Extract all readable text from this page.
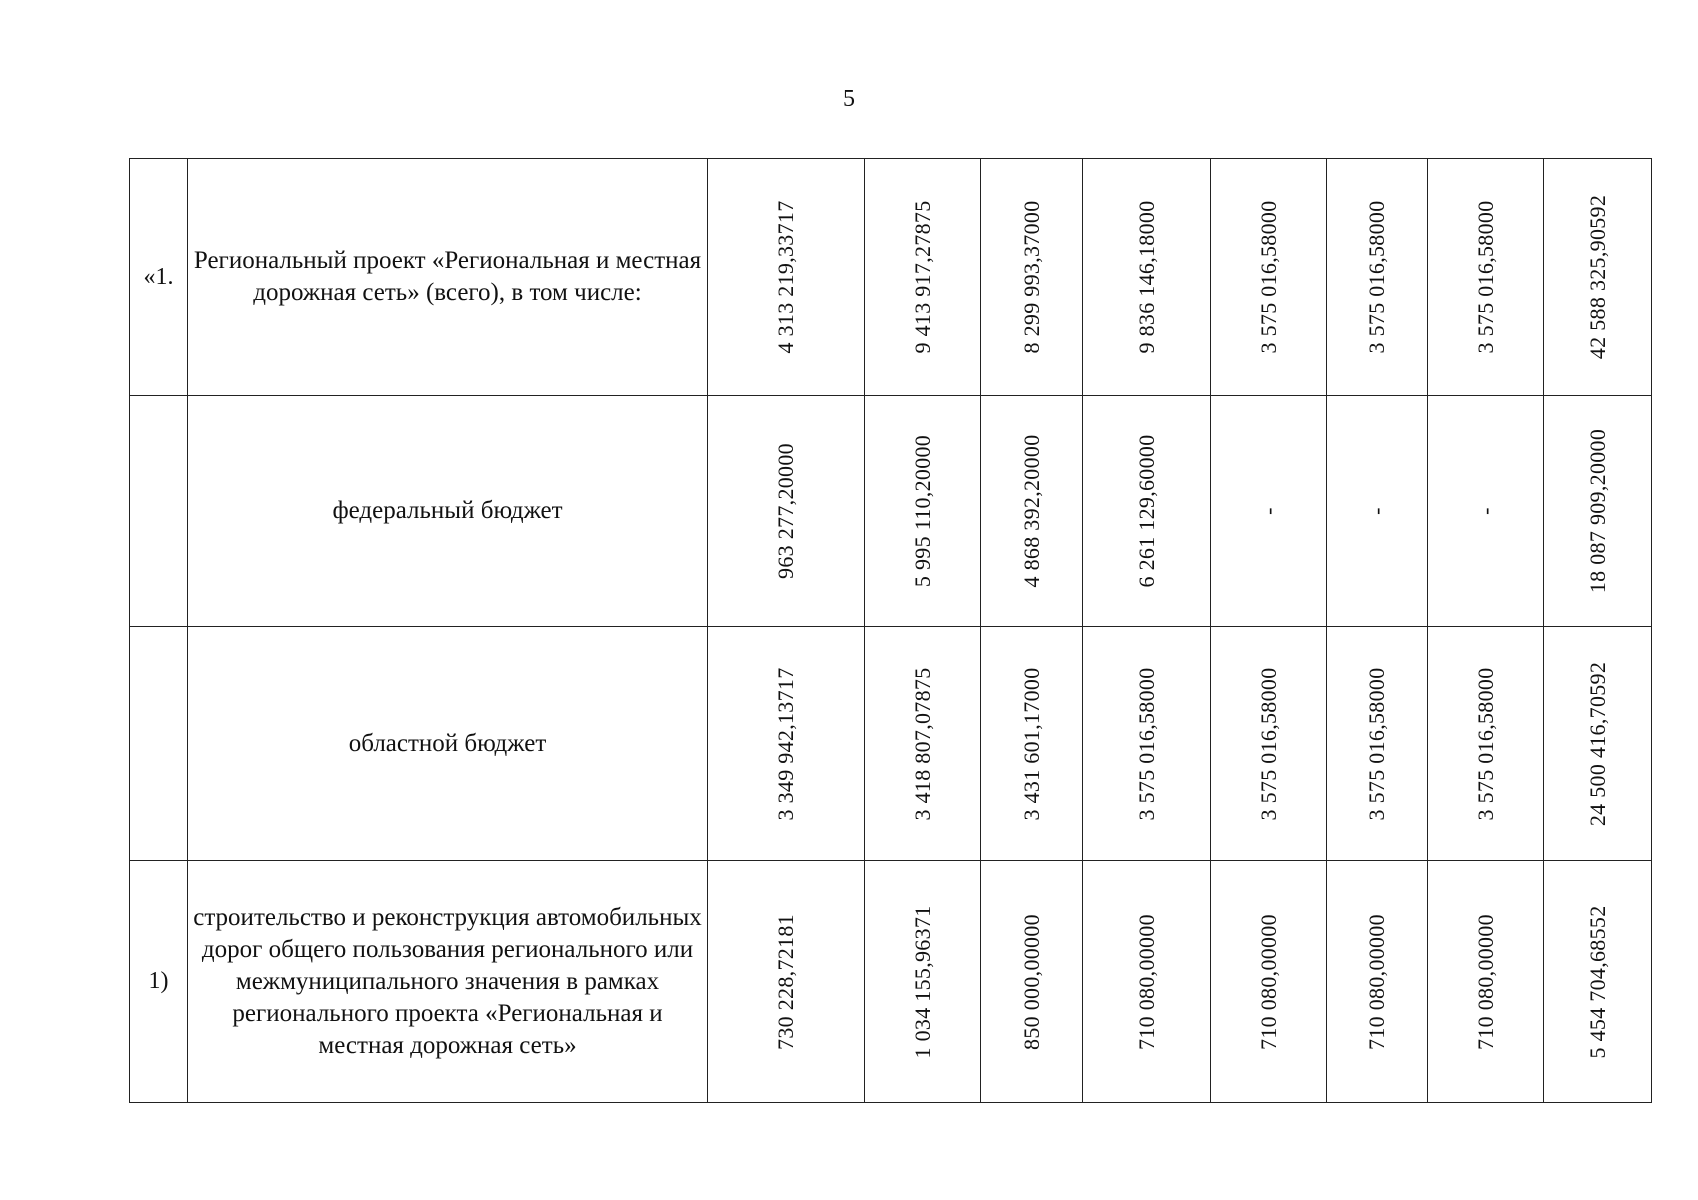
5
«1.	Региональный проект «Региональная и местная дорожная сеть» (всего), в том числе:	4 313 219,33717	9 413 917,27875	8 299 993,37000	9 836 146,18000	3 575 016,58000	3 575 016,58000	3 575 016,58000	42 588 325,90592

	федеральный бюджет	963 277,20000	5 995 110,20000	4 868 392,20000	6 261 129,60000	-	-	-	18 087 909,20000

	областной бюджет	3 349 942,13717	3 418 807,07875	3 431 601,17000	3 575 016,58000	3 575 016,58000	3 575 016,58000	3 575 016,58000	24 500 416,70592

1)	строительство и реконструкция автомобильных дорог общего пользования регионального или межмуниципального значения в рамках регионального проекта «Региональная и местная дорожная сеть»	730 228,72181	1 034 155,96371	850 000,00000	710 080,00000	710 080,00000	710 080,00000	710 080,00000	5 454 704,68552
